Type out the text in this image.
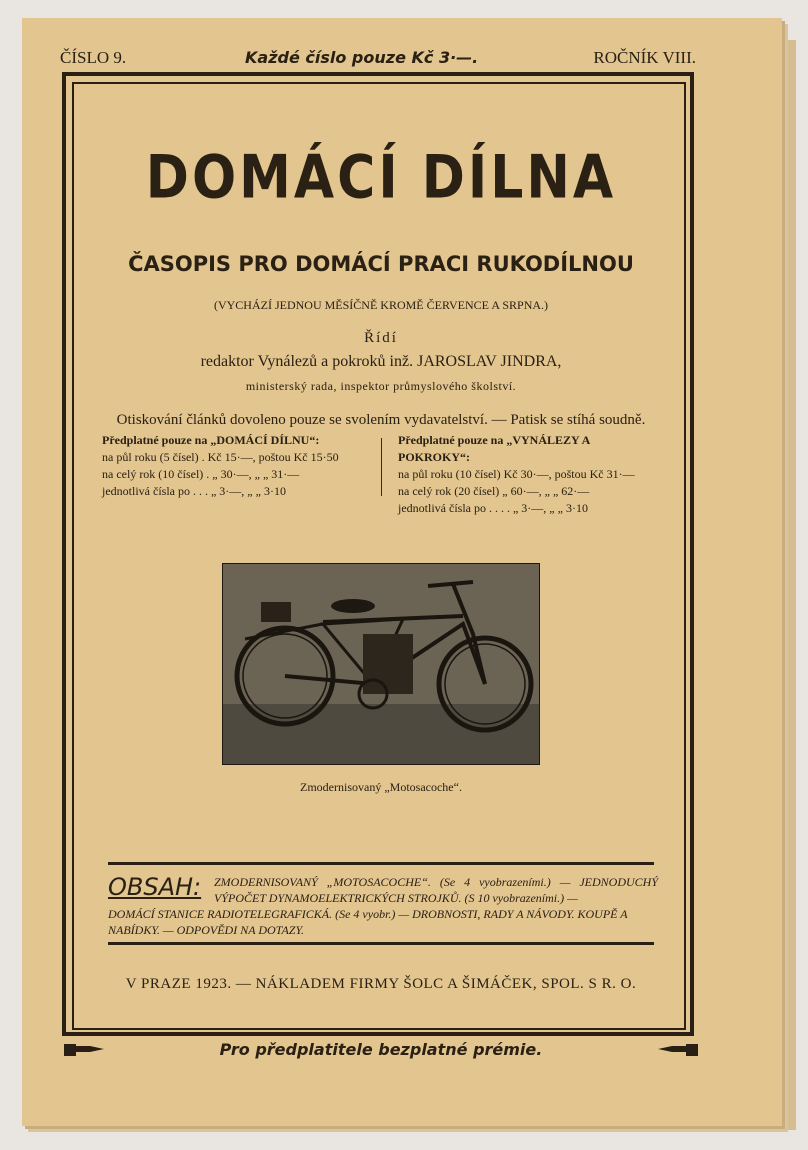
ČÍSLO 9.	Každé číslo pouze Kč 3·—.	ROČNÍK VIII.
DOMÁCÍ DÍLNA
ČASOPIS PRO DOMÁCÍ PRACI RUKODÍLNOU
(VYCHÁZÍ JEDNOU MĚSÍČNĚ KROMĚ ČERVENCE A SRPNA.)
Řídí
redaktor Vynálezů a pokroků inž. JAROSLAV JINDRA,
ministerský rada, inspektor průmyslového školství.
Otiskování článků dovoleno pouze se svolením vydavatelství. — Patisk se stíhá soudně.
Předplatné pouze na „DOMÁCÍ DÍLNU“:
na půl roku (5 čísel) . Kč 15·—, poštou Kč 15·50
na celý rok (10 čísel) . „ 30·—, „ „ 31·—
jednotlivá čísla po . . . „ 3·—, „ „ 3·10
Předplatné pouze na „VYNÁLEZY A POKROKY“:
na půl roku (10 čísel) Kč 30·—, poštou Kč 31·—
na celý rok (20 čísel) „ 60·—, „ „ 62·—
jednotlivá čísla po . . . . „ 3·—, „ „ 3·10
Zmodernisovaný „Motosacoche“.
OBSAH: ZMODERNISOVANÝ „MOTOSACOCHE“. (Se 4 vyobrazeními.) — JEDNODUCHÝ VÝPOČET DYNAMOELEKTRICKÝCH STROJKŮ. (S 10 vyobrazeními.) —
DOMÁCÍ STANICE RADIOTELEGRAFICKÁ. (Se 4 vyobr.) — DROBNOSTI, RADY A NÁVODY. KOUPĚ A NABÍDKY. — ODPOVĚDI NA DOTAZY.
V PRAZE 1923. — NÁKLADEM FIRMY ŠOLC A ŠIMÁČEK, SPOL. S R. O.
Pro předplatitele bezplatné prémie.
